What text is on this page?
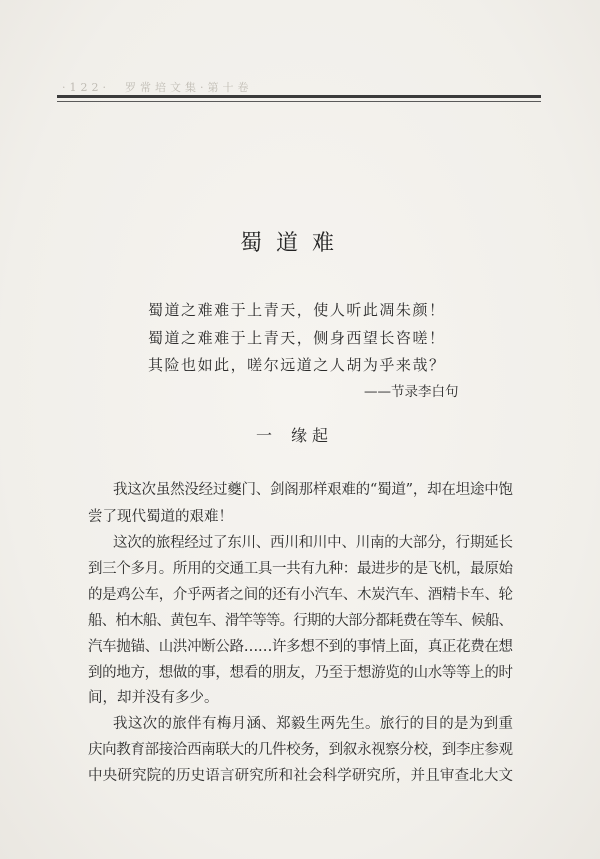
·122·　罗常培文集·第十卷
蜀道难
蜀道之难难于上青天，使人听此凋朱颜！
蜀道之难难于上青天，侧身西望长咨嗟！
其险也如此，嗟尔远道之人胡为乎来哉？
——节录李白句
一 缘起
我这次虽然没经过夔门、剑阁那样艰难的“蜀道”，却在坦途中饱
尝了现代蜀道的艰难！
这次的旅程经过了东川、西川和川中、川南的大部分，行期延长
到三个多月。所用的交通工具一共有九种：最进步的是飞机，最原始
的是鸡公车，介乎两者之间的还有小汽车、木炭汽车、酒精卡车、轮
船、柏木船、黄包车、滑竿等等。行期的大部分都耗费在等车、候船、
汽车抛锚、山洪冲断公路……许多想不到的事情上面，真正花费在想
到的地方，想做的事，想看的朋友，乃至于想游览的山水等等上的时
间，却并没有多少。
我这次的旅伴有梅月涵、郑毅生两先生。旅行的目的是为到重
庆向教育部接洽西南联大的几件校务，到叙永视察分校，到李庄参观
中央研究院的历史语言研究所和社会科学研究所，并且审查北大文
